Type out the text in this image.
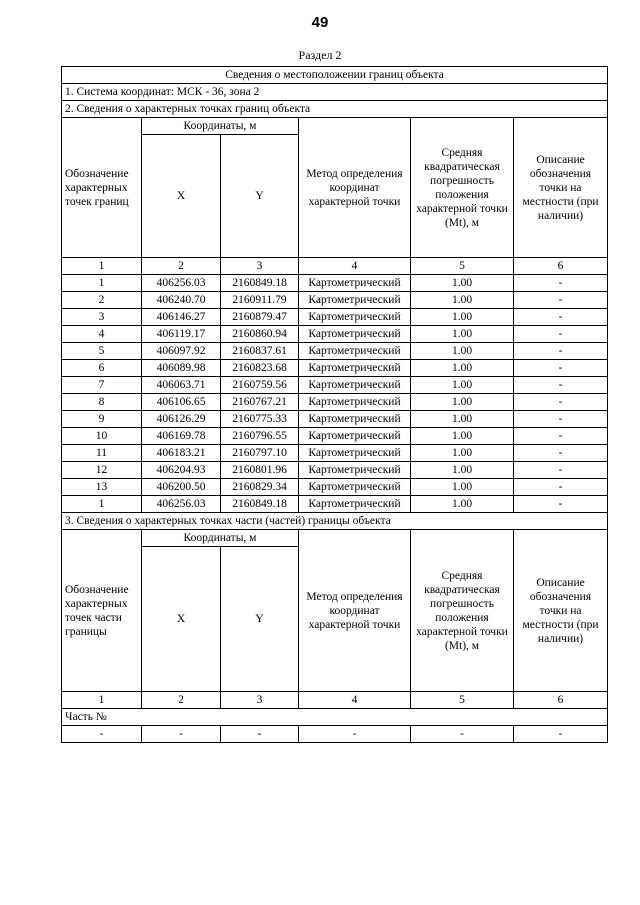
49
Раздел 2
Сведения о местоположении границ объекта					
1. Система координат: МСК - 36, зона 2					
2. Сведения о характерных точках границ объекта					
Обозначение характерных точек границ	Координаты, м		Метод определения координат характерной точки	Средняя квадратическая погрешность положения характерной точки (Mt), м	Описание обозначения точки на местности (при наличии)
	X	Y			
1	2	3	4	5	6
1	406256.03	2160849.18	Картометрический	1.00	-
2	406240.70	2160911.79	Картометрический	1.00	-
3	406146.27	2160879.47	Картометрический	1.00	-
4	406119.17	2160860.94	Картометрический	1.00	-
5	406097.92	2160837.61	Картометрический	1.00	-
6	406089.98	2160823.68	Картометрический	1.00	-
7	406063.71	2160759.56	Картометрический	1.00	-
8	406106.65	2160767.21	Картометрический	1.00	-
9	406126.29	2160775.33	Картометрический	1.00	-
10	406169.78	2160796.55	Картометрический	1.00	-
11	406183.21	2160797.10	Картометрический	1.00	-
12	406204.93	2160801.96	Картометрический	1.00	-
13	406200.50	2160829.34	Картометрический	1.00	-
1	406256.03	2160849.18	Картометрический	1.00	-
3. Сведения о характерных точках части (частей) границы объекта					
Обозначение характерных точек части границы	Координаты, м		Метод определения координат характерной точки	Средняя квадратическая погрешность положения характерной точки (Mt), м	Описание обозначения точки на местности (при наличии)
	X	Y			
1	2	3	4	5	6
Часть №					
-	-	-	-	-	-
